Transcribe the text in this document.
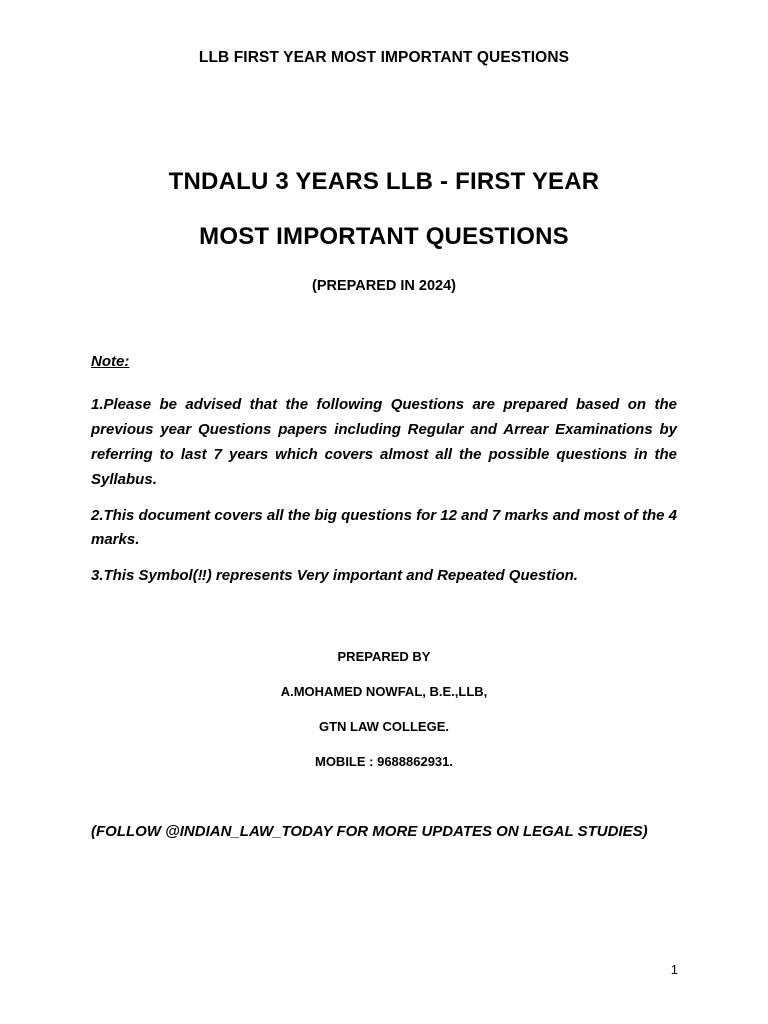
LLB FIRST YEAR MOST IMPORTANT QUESTIONS
TNDALU 3 YEARS LLB - FIRST YEAR
MOST IMPORTANT QUESTIONS
(PREPARED IN 2024)
Note:

1.Please be advised that the following Questions are prepared based on the previous year Questions papers including Regular and Arrear Examinations by referring to last 7 years which covers almost all the possible questions in the Syllabus.

2.This document covers all the big questions for 12 and 7 marks and most of the 4 marks.

3.This Symbol(‼) represents Very important and Repeated Question.

PREPARED BY
A.MOHAMED NOWFAL, B.E.,LLB,
GTN LAW COLLEGE.
MOBILE : 9688862931.
(FOLLOW @INDIAN_LAW_TODAY FOR MORE UPDATES ON LEGAL STUDIES)
1
